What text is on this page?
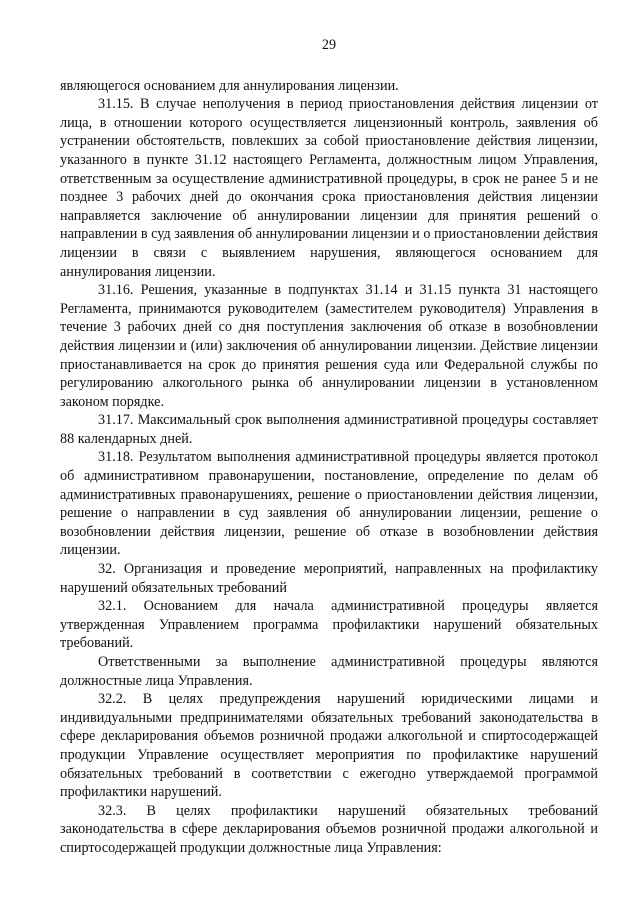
29

являющегося основанием для аннулирования лицензии.

31.15. В случае неполучения в период приостановления действия лицензии от лица, в отношении которого осуществляется лицензионный контроль, заявления об устранении обстоятельств, повлекших за собой приостановление действия лицензии, указанного в пункте 31.12 настоящего Регламента, должностным лицом Управления, ответственным за осуществление административной процедуры, в срок не ранее 5 и не позднее 3 рабочих дней до окончания срока приостановления действия лицензии направляется заключение об аннулировании лицензии для принятия решений о направлении в суд заявления об аннулировании лицензии и о приостановлении действия лицензии в связи с выявлением нарушения, являющегося основанием для аннулирования лицензии.

31.16. Решения, указанные в подпунктах 31.14 и 31.15 пункта 31 настоящего Регламента, принимаются руководителем (заместителем руководителя) Управления в течение 3 рабочих дней со дня поступления заключения об отказе в возобновлении действия лицензии и (или) заключения об аннулировании лицензии. Действие лицензии приостанавливается на срок до принятия решения суда или Федеральной службы по регулированию алкогольного рынка об аннулировании лицензии в установленном законом порядке.

31.17. Максимальный срок выполнения административной процедуры составляет 88 календарных дней.

31.18. Результатом выполнения административной процедуры является протокол об административном правонарушении, постановление, определение по делам об административных правонарушениях, решение о приостановлении действия лицензии, решение о направлении в суд заявления об аннулировании лицензии, решение о возобновлении действия лицензии, решение об отказе в возобновлении действия лицензии.

32. Организация и проведение мероприятий, направленных на профилактику нарушений обязательных требований

32.1. Основанием для начала административной процедуры является утвержденная Управлением программа профилактики нарушений обязательных требований.

Ответственными за выполнение административной процедуры являются должностные лица Управления.

32.2. В целях предупреждения нарушений юридическими лицами и индивидуальными предпринимателями обязательных требований законодательства в сфере декларирования объемов розничной продажи алкогольной и спиртосодержащей продукции Управление осуществляет мероприятия по профилактике нарушений обязательных требований в соответствии с ежегодно утверждаемой программой профилактики нарушений.

32.3. В целях профилактики нарушений обязательных требований законодательства в сфере декларирования объемов розничной продажи алкогольной и спиртосодержащей продукции должностные лица Управления:
